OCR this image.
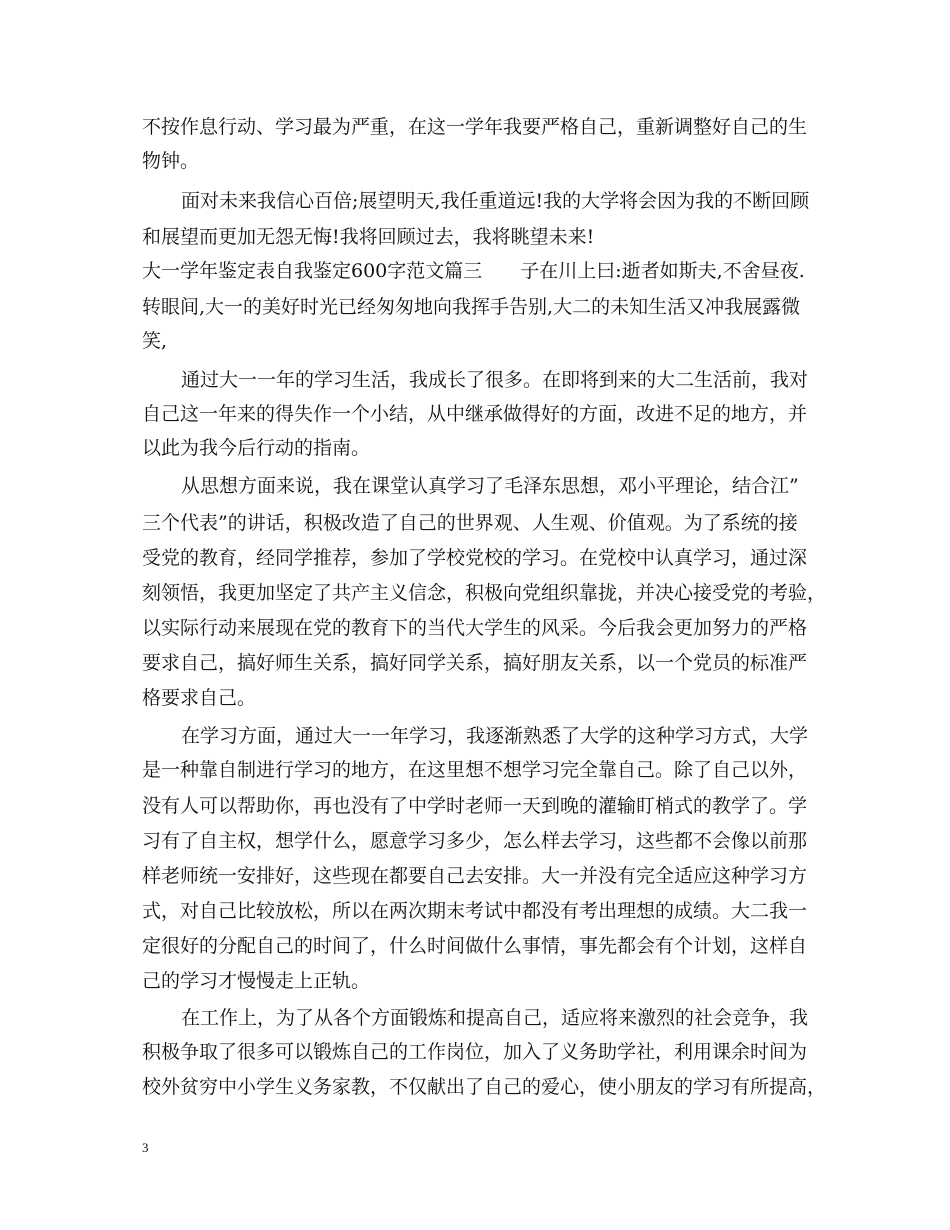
不按作息行动、学习最为严重，在这一学年我要严格自己，重新调整好自己的生
物钟。
面对未来我信心百倍;展望明天,我任重道远!我的大学将会因为我的不断回顾
和展望而更加无怨无悔!我将回顾过去，我将眺望未来!
大一学年鉴定表自我鉴定600字范文篇三　　子在川上曰:逝者如斯夫,不舍昼夜.
转眼间,大一的美好时光已经匆匆地向我挥手告别,大二的未知生活又冲我展露微
笑,
通过大一一年的学习生活，我成长了很多。在即将到来的大二生活前，我对
自己这一年来的得失作一个小结，从中继承做得好的方面，改进不足的地方，并
以此为我今后行动的指南。
从思想方面来说，我在课堂认真学习了毛泽东思想，邓小平理论，结合江”
三个代表”的讲话，积极改造了自己的世界观、人生观、价值观。为了系统的接
受党的教育，经同学推荐，参加了学校党校的学习。在党校中认真学习，通过深
刻领悟，我更加坚定了共产主义信念，积极向党组织靠拢，并决心接受党的考验，
以实际行动来展现在党的教育下的当代大学生的风采。今后我会更加努力的严格
要求自己，搞好师生关系，搞好同学关系，搞好朋友关系，以一个党员的标准严
格要求自己。
在学习方面，通过大一一年学习，我逐渐熟悉了大学的这种学习方式，大学
是一种靠自制进行学习的地方，在这里想不想学习完全靠自己。除了自己以外，
没有人可以帮助你，再也没有了中学时老师一天到晚的灌输盯梢式的教学了。学
习有了自主权，想学什么，愿意学习多少，怎么样去学习，这些都不会像以前那
样老师统一安排好，这些现在都要自己去安排。大一并没有完全适应这种学习方
式，对自己比较放松，所以在两次期末考试中都没有考出理想的成绩。大二我一
定很好的分配自己的时间了，什么时间做什么事情，事先都会有个计划，这样自
己的学习才慢慢走上正轨。
在工作上，为了从各个方面锻炼和提高自己，适应将来激烈的社会竞争，我
积极争取了很多可以锻炼自己的工作岗位，加入了义务助学社，利用课余时间为
校外贫穷中小学生义务家教，不仅献出了自己的爱心，使小朋友的学习有所提高，
3
